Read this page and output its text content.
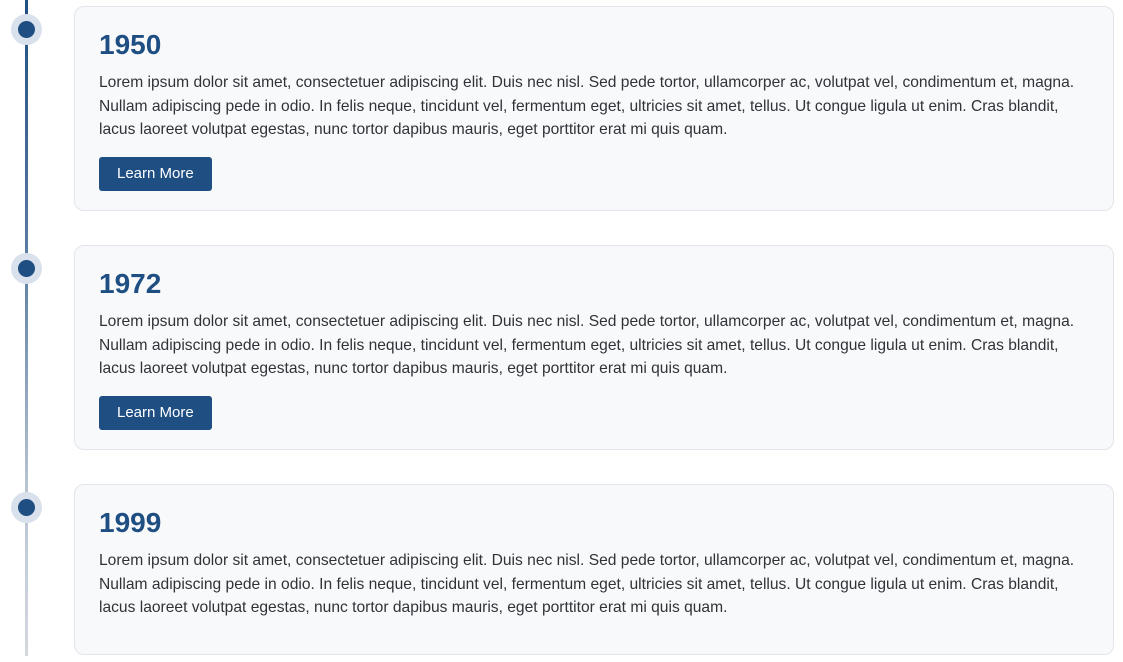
1950

Lorem ipsum dolor sit amet, consectetuer adipiscing elit. Duis nec nisl. Sed pede tortor, ullamcorper ac, volutpat vel, condimentum et, magna. Nullam adipiscing pede in odio. In felis neque, tincidunt vel, fermentum eget, ultricies sit amet, tellus. Ut congue ligula ut enim. Cras blandit, lacus laoreet volutpat egestas, nunc tortor dapibus mauris, eget porttitor erat mi quis quam.

Learn More
1972

Lorem ipsum dolor sit amet, consectetuer adipiscing elit. Duis nec nisl. Sed pede tortor, ullamcorper ac, volutpat vel, condimentum et, magna. Nullam adipiscing pede in odio. In felis neque, tincidunt vel, fermentum eget, ultricies sit amet, tellus. Ut congue ligula ut enim. Cras blandit, lacus laoreet volutpat egestas, nunc tortor dapibus mauris, eget porttitor erat mi quis quam.

Learn More
1999

Lorem ipsum dolor sit amet, consectetuer adipiscing elit. Duis nec nisl. Sed pede tortor, ullamcorper ac, volutpat vel, condimentum et, magna. Nullam adipiscing pede in odio. In felis neque, tincidunt vel, fermentum eget, ultricies sit amet, tellus. Ut congue ligula ut enim. Cras blandit, lacus laoreet volutpat egestas, nunc tortor dapibus mauris, eget porttitor erat mi quis quam.
